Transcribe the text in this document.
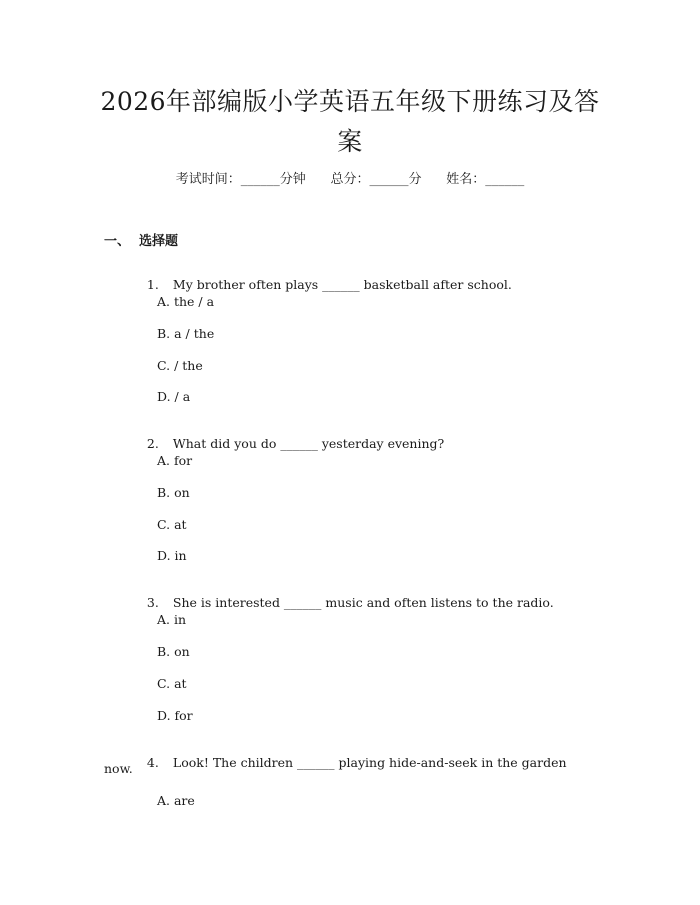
2026年部编版小学英语五年级下册练习及答案
考试时间：______分钟      总分：______分      姓名：______
一、  选择题

1. My brother often plays ______ basketball after school.

A. the / a
B. a / the
C. / the
D. / a

2. What did you do ______ yesterday evening?

A. for
B. on
C. at
D. in

3. She is interested ______ music and often listens to the radio.

A. in
B. on
C. at
D. for

4. Look! The children ______ playing hide-and-seek in the garden

now.
A. are
